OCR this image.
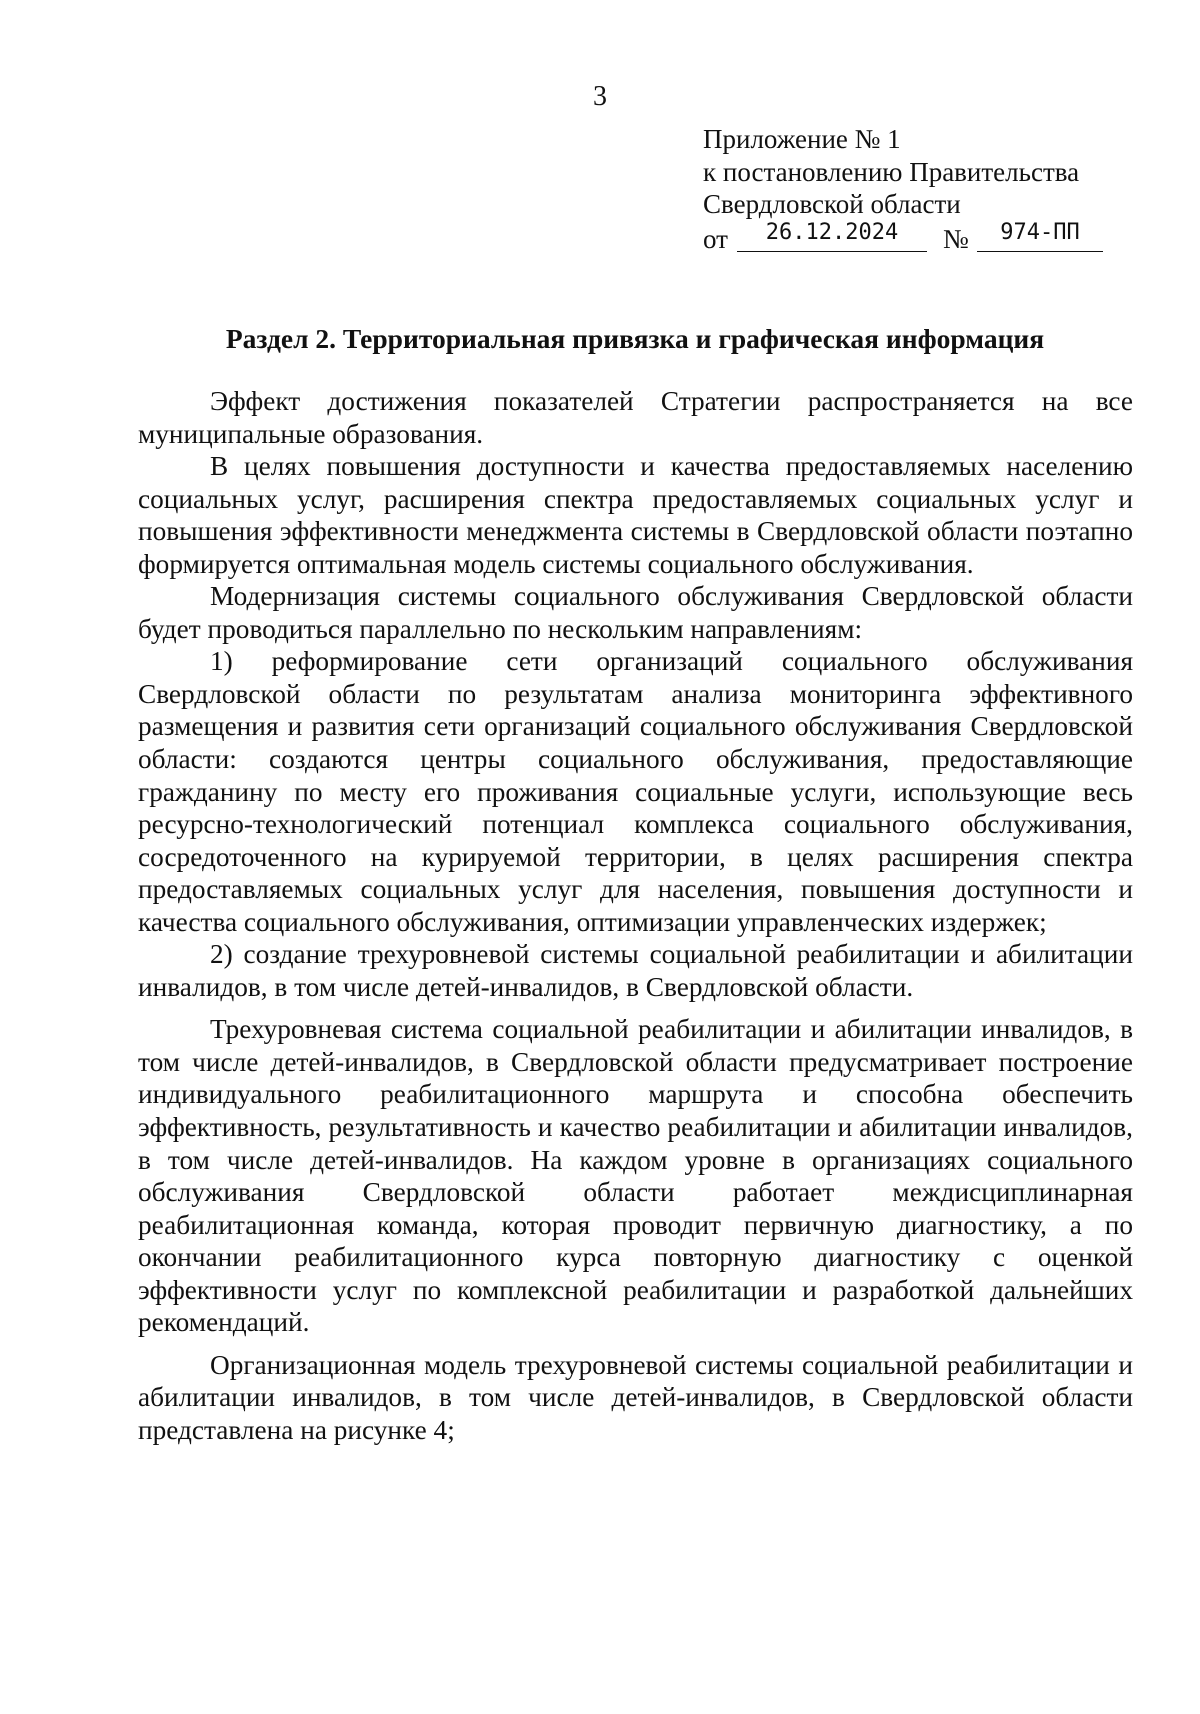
3
Приложение № 1
к постановлению Правительства
Свердловской области
от	26.12.2024	№	974-ПП
Раздел 2. Территориальная привязка и графическая информация

Эффект достижения показателей Стратегии распространяется на все муниципальные образования.

В целях повышения доступности и качества предоставляемых населению социальных услуг, расширения спектра предоставляемых социальных услуг и повышения эффективности менеджмента системы в Свердловской области поэтапно формируется оптимальная модель системы социального обслуживания.

Модернизация системы социального обслуживания Свердловской области будет проводиться параллельно по нескольким направлениям:

1) реформирование сети организаций социального обслуживания Свердловской области по результатам анализа мониторинга эффективного размещения и развития сети организаций социального обслуживания Свердловской области: создаются центры социального обслуживания, предоставляющие гражданину по месту его проживания социальные услуги, использующие весь ресурсно-технологический потенциал комплекса социального обслуживания, сосредоточенного на курируемой территории, в целях расширения спектра предоставляемых социальных услуг для населения, повышения доступности и качества социального обслуживания, оптимизации управленческих издержек;

2) создание трехуровневой системы социальной реабилитации и абилитации инвалидов, в том числе детей-инвалидов, в Свердловской области.

Трехуровневая система социальной реабилитации и абилитации инвалидов, в том числе детей-инвалидов, в Свердловской области предусматривает построение индивидуального реабилитационного маршрута и способна обеспечить эффективность, результативность и качество реабилитации и абилитации инвалидов, в том числе детей-инвалидов. На каждом уровне в организациях социального обслуживания Свердловской области работает междисциплинарная реабилитационная команда, которая проводит первичную диагностику, а по окончании реабилитационного курса повторную диагностику с оценкой эффективности услуг по комплексной реабилитации и разработкой дальнейших рекомендаций.

Организационная модель трехуровневой системы социальной реабилитации и абилитации инвалидов, в том числе детей-инвалидов, в Свердловской области представлена на рисунке 4;
